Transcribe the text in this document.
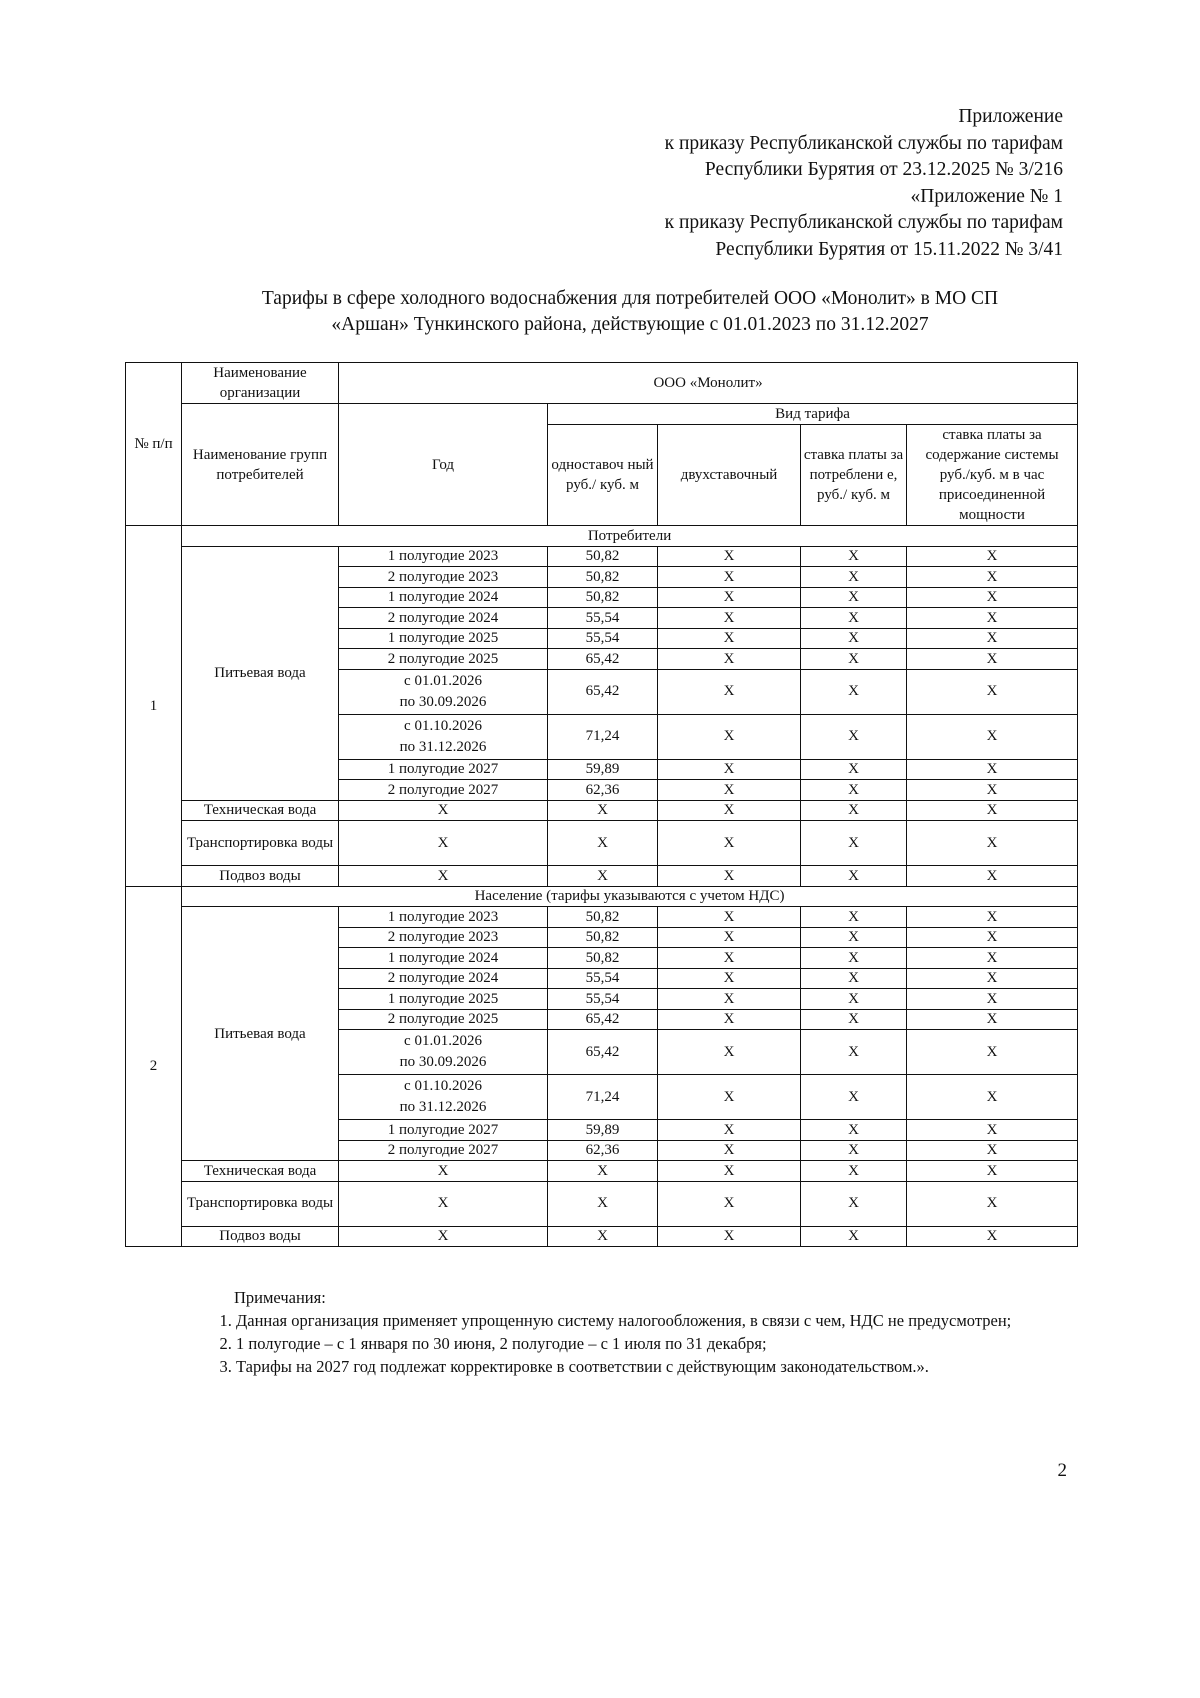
Приложение
к приказу Республиканской службы по тарифам
Республики Бурятия от 23.12.2025 № 3/216
«Приложение № 1
к приказу Республиканской службы по тарифам
Республики Бурятия от 15.11.2022 № 3/41
Тарифы в сфере холодного водоснабжения для потребителей ООО «Монолит» в МО СП
«Аршан» Тункинского района, действующие с 01.01.2023 по 31.12.2027
№ п/п	Наименование организации	ООО «Монолит»				
	Наименование групп потребителей	Год	Вид тарифа			
			одноставоч ный руб./ куб. м	двухставочный	ставка платы за потреблени е, руб./ куб. м	ставка платы за содержание системы руб./куб. м в час присоединенной мощности
1	Потребители					
	Питьевая вода	1 полугодие 2023	50,82	X	X	X
		2 полугодие 2023	50,82	X	X	X
		1 полугодие 2024	50,82	X	X	X
		2 полугодие 2024	55,54	X	X	X
		1 полугодие 2025	55,54	X	X	X
		2 полугодие 2025	65,42	X	X	X
		с 01.01.2026
по 30.09.2026	65,42	X	X	X
		с 01.10.2026
по 31.12.2026	71,24	X	X	X
		1 полугодие 2027	59,89	X	X	X
		2 полугодие 2027	62,36	X	X	X
	Техническая вода	X	X	X	X	X
	Транспортировка воды	X	X	X	X	X
	Подвоз воды	X	X	X	X	X
2	Население (тарифы указываются с учетом НДС)					
	Питьевая вода	1 полугодие 2023	50,82	X	X	X
		2 полугодие 2023	50,82	X	X	X
		1 полугодие 2024	50,82	X	X	X
		2 полугодие 2024	55,54	X	X	X
		1 полугодие 2025	55,54	X	X	X
		2 полугодие 2025	65,42	X	X	X
		с 01.01.2026
по 30.09.2026	65,42	X	X	X
		с 01.10.2026
по 31.12.2026	71,24	X	X	X
		1 полугодие 2027	59,89	X	X	X
		2 полугодие 2027	62,36	X	X	X
	Техническая вода	X	X	X	X	X
	Транспортировка воды	X	X	X	X	X
	Подвоз воды	X	X	X	X	X
Примечания:
1. Данная организация применяет упрощенную систему налогообложения, в связи с чем, НДС не предусмотрен;
2. 1 полугодие – с 1 января по 30 июня, 2 полугодие – с 1 июля по 31 декабря;
3. Тарифы на 2027 год подлежат корректировке в соответствии с действующим законодательством.».
2
